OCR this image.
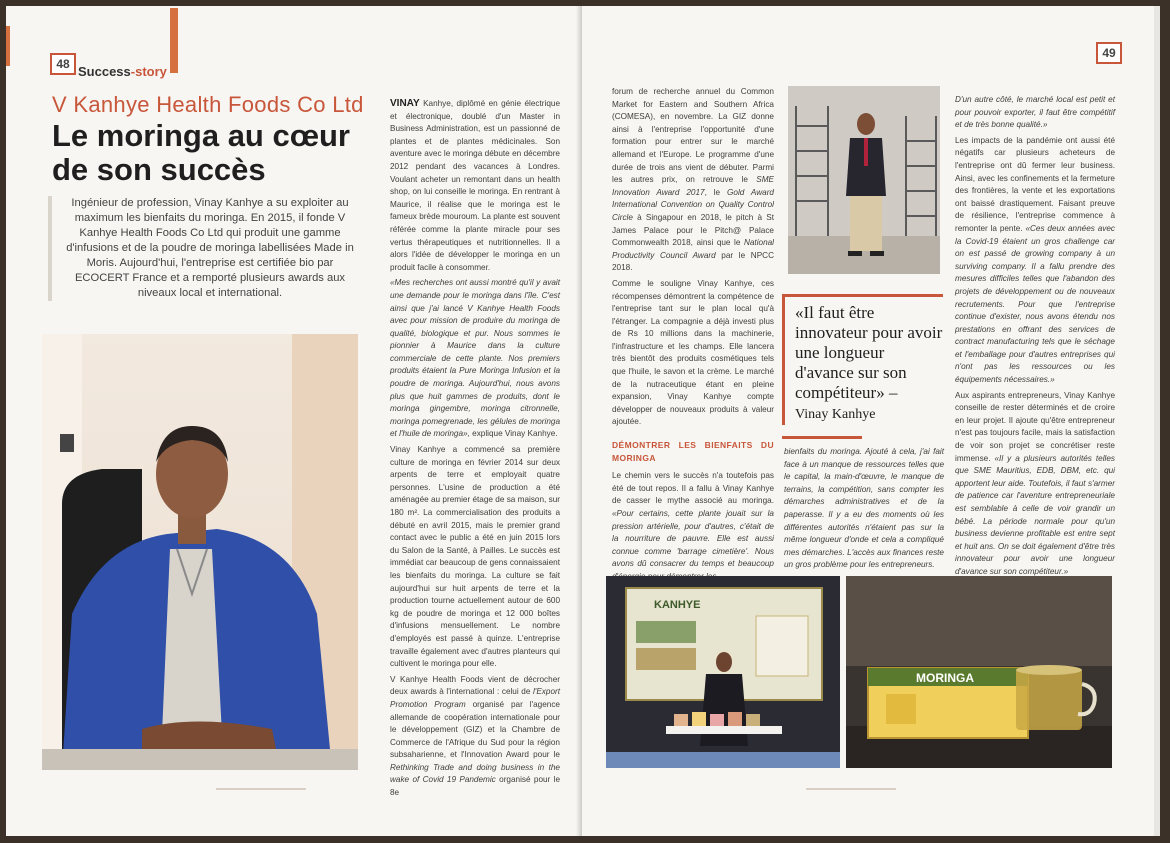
48 Success-story
V Kanhye Health Foods Co Ltd
Le moringa au cœur de son succès
Ingénieur de profession, Vinay Kanhye a su exploiter au maximum les bienfaits du moringa. En 2015, il fonde V Kanhye Health Foods Co Ltd qui produit une gamme d'infusions et de la poudre de moringa labellisées Made in Moris. Aujourd'hui, l'entreprise est certifiée bio par ECOCERT France et a remporté plusieurs awards aux niveaux local et international.

VINAY Kanhye, diplômé en génie électrique et électronique, doublé d'un Master in Business Administration, est un passionné de plantes et de plantes médicinales. Son aventure avec le moringa débute en décembre 2012 pendant des vacances à Londres. Voulant acheter un remontant dans un health shop, on lui conseille le moringa. En rentrant à Maurice, il réalise que le moringa est le fameux brède mouroum. La plante est souvent référée comme la plante miracle pour ses vertus thérapeutiques et nutritionnelles. Il a alors l'idée de développer le moringa en un produit facile à consommer.

«Mes recherches ont aussi montré qu'il y avait une demande pour le moringa dans l'île. C'est ainsi que j'ai lancé V Kanhye Health Foods avec pour mission de produire du moringa de qualité, biologique et pur. Nous sommes le pionnier à Maurice dans la culture commerciale de cette plante. Nos premiers produits étaient la Pure Moringa Infusion et la poudre de moringa. Aujourd'hui, nous avons plus que huit gammes de produits, dont le moringa gingembre, moringa citronnelle, moringa pomegrenade, les gélules de moringa et l'huile de moringa», explique Vinay Kanhye.

Vinay Kanhye a commencé sa première culture de moringa en février 2014 sur deux arpents de terre et employait quatre personnes. L'usine de production a été aménagée au premier étage de sa maison, sur 180 m². La commercialisation des produits a débuté en avril 2015, mais le premier grand contact avec le public a été en juin 2015 lors du Salon de la Santé, à Pailles. Le succès est immédiat car beaucoup de gens connaissaient les bienfaits du moringa. La culture se fait aujourd'hui sur huit arpents de terre et la production tourne actuellement autour de 600 kg de poudre de moringa et 12 000 boîtes d'infusions mensuellement. Le nombre d'employés est passé à quinze. L'entreprise travaille également avec d'autres planteurs qui cultivent le moringa pour elle.

V Kanhye Health Foods vient de décrocher deux awards à l'international : celui de l'Export Promotion Program organisé par l'agence allemande de coopération internationale pour le développement (GIZ) et la Chambre de Commerce de l'Afrique du Sud pour la région subsaharienne, et l'Innovation Award pour le Rethinking Trade and doing business in the wake of Covid 19 Pandemic organisé pour le 8e

49

forum de recherche annuel du Common Market for Eastern and Southern Africa (COMESA), en novembre. La GIZ donne ainsi à l'entreprise l'opportunité d'une formation pour entrer sur le marché allemand et l'Europe. Le programme d'une durée de trois ans vient de débuter. Parmi les autres prix, on retrouve le SME Innovation Award 2017, le Gold Award International Convention on Quality Control Circle à Singapour en 2018, le pitch à St James Palace pour le Pitch@ Palace Commonwealth 2018, ainsi que le National Productivity Council Award par le NPCC 2018.

Comme le souligne Vinay Kanhye, ces récompenses démontrent la compétence de l'entreprise tant sur le plan local qu'à l'étranger. La compagnie a déjà investi plus de Rs 10 millions dans la machinerie, l'infrastructure et les champs. Elle lancera très bientôt des produits cosmétiques tels que l'huile, le savon et la crème. Le marché de la nutraceutique étant en pleine expansion, Vinay Kanhye compte développer de nouveaux produits à valeur ajoutée.

DÉMONTRER LES BIENFAITS DU MORINGA

Le chemin vers le succès n'a toutefois pas été de tout repos. Il a fallu à Vinay Kanhye de casser le mythe associé au moringa. «Pour certains, cette plante jouait sur la pression artérielle, pour d'autres, c'était de la nourriture de pauvre. Elle est aussi connue comme 'barrage cimetière'. Nous avons dû consacrer du temps et beaucoup

«Il faut être innovateur pour avoir une longueur d'avance sur son compétiteur» –
Vinay Kanhye

bienfaits du moringa. Ajouté à cela, j'ai fait face à un manque de ressources telles que le capital, la main-d'œuvre, le manque de terrains, la compétition, sans compter les démarches administratives et de la paperasse. Il y a eu des moments où les différentes autorités n'étaient pas sur la même longueur d'onde et cela a compliqué mes démarches. L'accès aux finances reste un gros problème pour les entrepreneurs.

D'un autre côté, le marché local est petit et pour pouvoir exporter, il faut être compétitif et de très bonne qualité.»

Les impacts de la pandémie ont aussi été négatifs car plusieurs acheteurs de l'entreprise ont dû fermer leur business. Ainsi, avec les confinements et la fermeture des frontières, la vente et les exportations ont baissé drastiquement. Faisant preuve de résilience, l'entreprise commence à remonter la pente. «Ces deux années avec la Covid-19 étaient un gros challenge car on est passé de growing company à un surviving company. Il a fallu prendre des mesures difficiles telles que l'abandon des projets de développement ou de nouveaux recrutements. Pour que l'entreprise continue d'exister, nous avons étendu nos prestations en offrant des services de contract manufacturing tels que le séchage et l'emballage pour d'autres entreprises qui n'ont pas les ressources ou les équipements nécessaires.»

Aux aspirants entrepreneurs, Vinay Kanhye conseille de rester déterminés et de croire en leur projet. Il ajoute qu'être entrepreneur n'est pas toujours facile, mais la satisfaction de voir son projet se concrétiser reste immense. «Il y a plusieurs autorités telles que SME Mauritius, EDB, DBM, etc. qui apportent leur aide. Toutefois, il faut s'armer de patience car l'aventure entrepreneuriale est semblable à celle de voir grandir un bébé. La période normale pour qu'un business devienne profitable est entre sept et huit ans. On se doit également d'être très innovateur pour avoir une longueur d'avance sur son compétiteur.»

KANHYE
MORINGA
